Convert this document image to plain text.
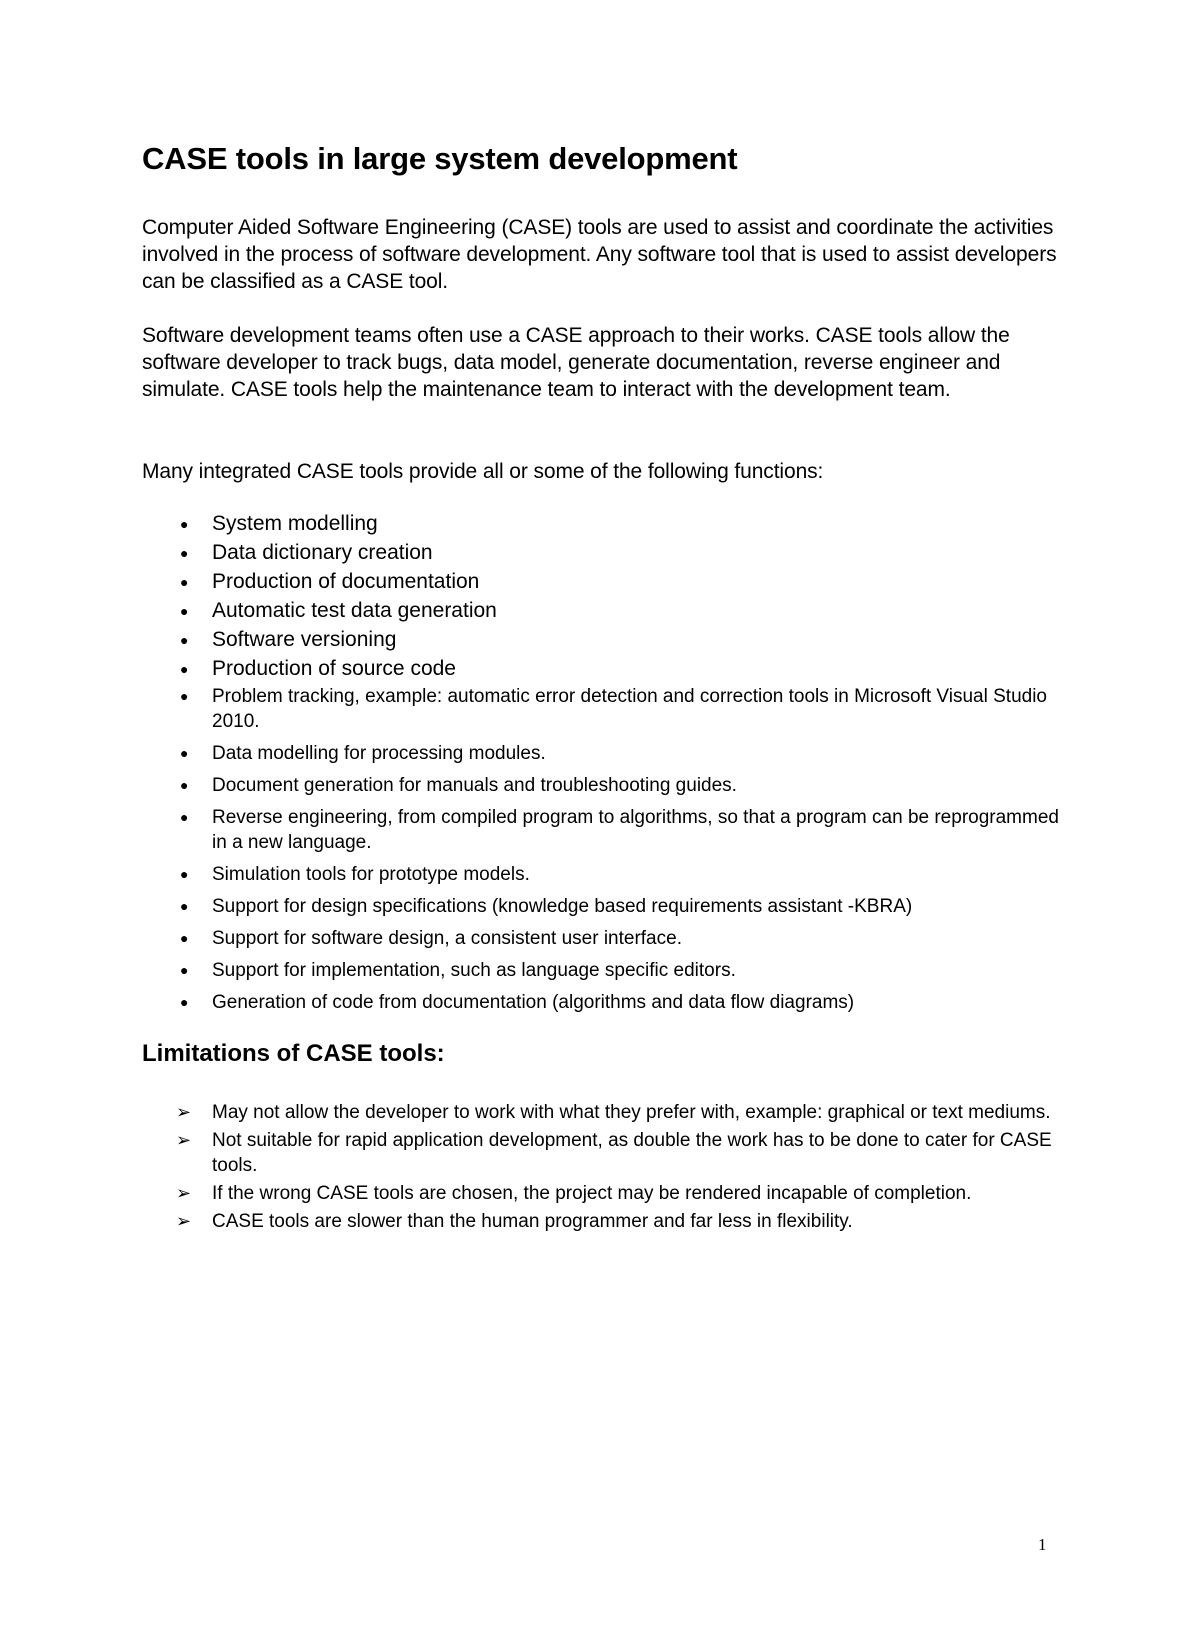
CASE tools in large system development

Computer Aided Software Engineering (CASE) tools are used to assist and coordinate the activities involved in the process of software development. Any software tool that is used to assist developers can be classified as a CASE tool.

Software development teams often use a CASE approach to their works. CASE tools allow the software developer to track bugs, data model, generate documentation, reverse engineer and simulate. CASE tools help the maintenance team to interact with the development team.

Many integrated CASE tools provide all or some of the following functions:

● System modelling
● Data dictionary creation
● Production of documentation
● Automatic test data generation
● Software versioning
● Production of source code
● Problem tracking, example: automatic error detection and correction tools in Microsoft Visual Studio 2010.
● Data modelling for processing modules.
● Document generation for manuals and troubleshooting guides.
● Reverse engineering, from compiled program to algorithms, so that a program can be reprogrammed in a new language.
● Simulation tools for prototype models.
● Support for design specifications (knowledge based requirements assistant -KBRA)
● Support for software design, a consistent user interface.
● Support for implementation, such as language specific editors.
● Generation of code from documentation (algorithms and data flow diagrams)
Limitations of CASE tools:
➢ May not allow the developer to work with what they prefer with, example: graphical or text mediums.
➢ Not suitable for rapid application development, as double the work has to be done to cater for CASE tools.
➢ If the wrong CASE tools are chosen, the project may be rendered incapable of completion.
➢ CASE tools are slower than the human programmer and far less in flexibility.
1
